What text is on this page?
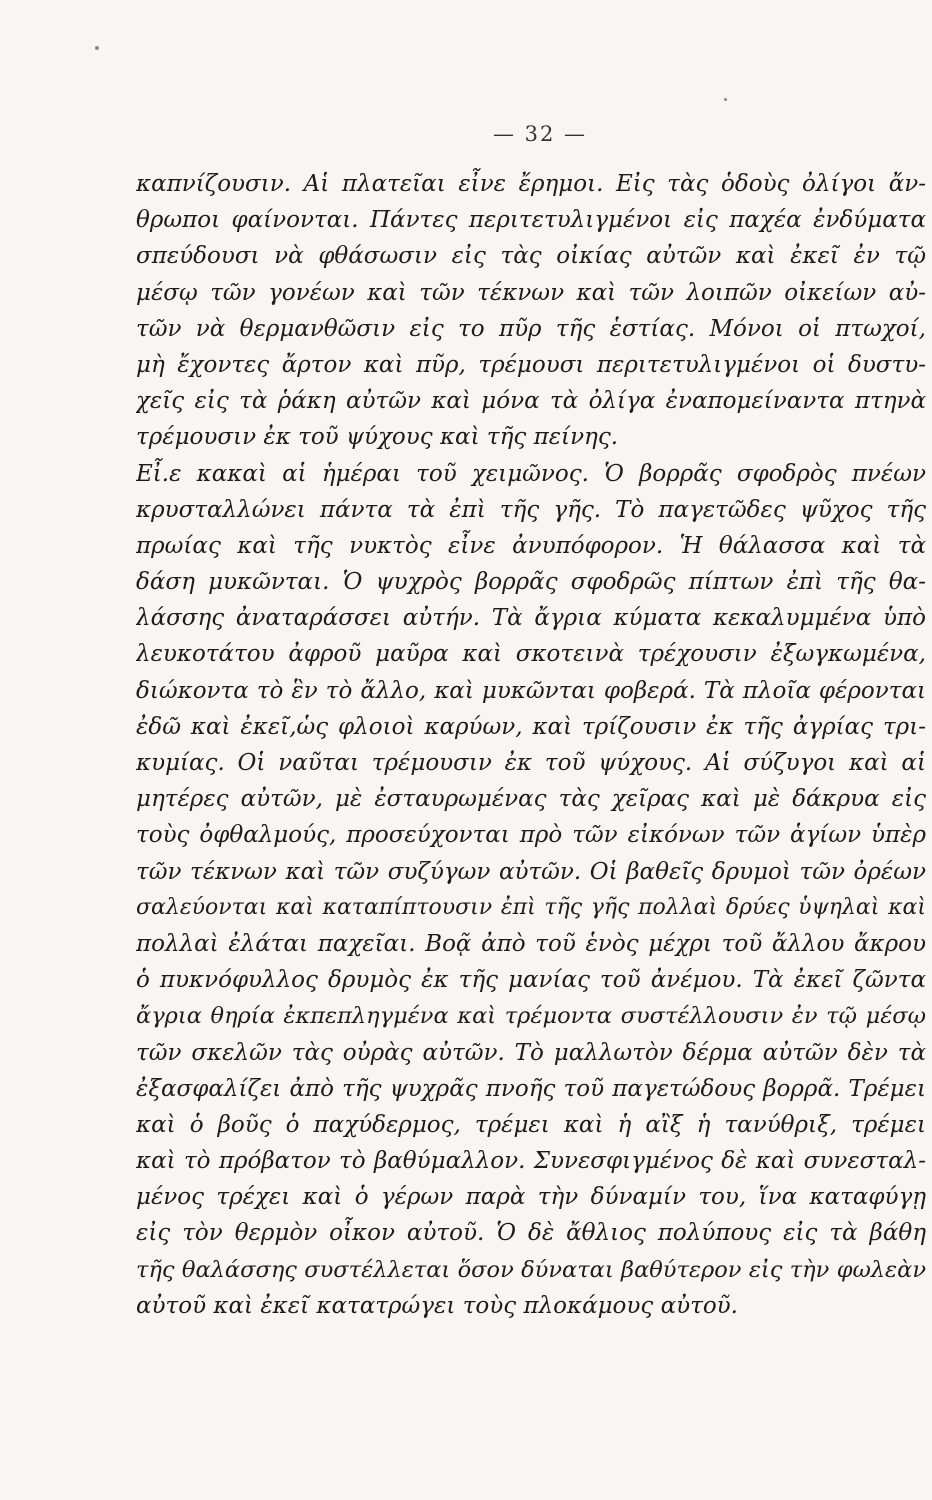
— 32 —
καπνίζουσιν. Αἱ πλατεῖαι εἶνε ἔρημοι. Εἰς τὰς ὁδοὺς ὀλίγοι ἄν-
θρωποι φαίνονται. Πάντες περιτετυλιγμένοι εἰς παχέα ἐνδύματα
σπεύδουσι νὰ φθάσωσιν εἰς τὰς οἰκίας αὐτῶν καὶ ἐκεῖ ἐν τῷ
μέσῳ τῶν γονέων καὶ τῶν τέκνων καὶ τῶν λοιπῶν οἰκείων αὐ-
τῶν νὰ θερμανθῶσιν εἰς το πῦρ τῆς ἑστίας. Μόνοι οἱ πτωχοί,
μὴ ἔχοντες ἄρτον καὶ πῦρ, τρέμουσι περιτετυλιγμένοι οἱ δυστυ-
χεῖς εἰς τὰ ῥάκη αὐτῶν καὶ μόνα τὰ ὀλίγα ἐναπομείναντα πτηνὰ
τρέμουσιν ἐκ τοῦ ψύχους καὶ τῆς πείνης.
Εἶ.ε κακαὶ αἱ ἡμέραι τοῦ χειμῶνος. Ὁ βορρᾶς σφοδρὸς πνέων
κρυσταλλώνει πάντα τὰ ἐπὶ τῆς γῆς. Τὸ παγετῶδες ψῦχος τῆς
πρωίας καὶ τῆς νυκτὸς εἶνε ἀνυπόφορον. Ἡ θάλασσα καὶ τὰ
δάση μυκῶνται. Ὁ ψυχρὸς βορρᾶς σφοδρῶς πίπτων ἐπὶ τῆς θα-
λάσσης ἀναταράσσει αὐτήν. Τὰ ἄγρια κύματα κεκαλυμμένα ὑπὸ
λευκοτάτου ἀφροῦ μαῦρα καὶ σκοτεινὰ τρέχουσιν ἐξωγκωμένα,
διώκοντα τὸ ἓν τὸ ἄλλο, καὶ μυκῶνται φοβερά. Τὰ πλοῖα φέρονται
ἐδῶ καὶ ἐκεῖ,ὡς φλοιοὶ καρύων, καὶ τρίζουσιν ἐκ τῆς ἀγρίας τρι-
κυμίας. Οἱ ναῦται τρέμουσιν ἐκ τοῦ ψύχους. Αἱ σύζυγοι καὶ αἱ
μητέρες αὐτῶν, μὲ ἐσταυρωμένας τὰς χεῖρας καὶ μὲ δάκρυα εἰς
τοὺς ὀφθαλμούς, προσεύχονται πρὸ τῶν εἰκόνων τῶν ἁγίων ὑπὲρ
τῶν τέκνων καὶ τῶν συζύγων αὐτῶν. Οἱ βαθεῖς δρυμοὶ τῶν ὀρέων
σαλεύονται καὶ καταπίπτουσιν ἐπὶ τῆς γῆς πολλαὶ δρύες ὑψηλαὶ καὶ
πολλαὶ ἐλάται παχεῖαι. Βοᾷ ἀπὸ τοῦ ἑνὸς μέχρι τοῦ ἄλλου ἄκρου
ὁ πυκνόφυλλος δρυμὸς ἐκ τῆς μανίας τοῦ ἀνέμου. Τὰ ἐκεῖ ζῶντα
ἄγρια θηρία ἐκπεπληγμένα καὶ τρέμοντα συστέλλουσιν ἐν τῷ μέσῳ
τῶν σκελῶν τὰς οὐρὰς αὐτῶν. Τὸ μαλλωτὸν δέρμα αὐτῶν δὲν τὰ
ἐξασφαλίζει ἀπὸ τῆς ψυχρᾶς πνοῆς τοῦ παγετώδους βορρᾶ. Τρέμει
καὶ ὁ βοῦς ὁ παχύδερμος, τρέμει καὶ ἡ αἲξ ἡ τανύθριξ, τρέμει
καὶ τὸ πρόβατον τὸ βαθύμαλλον. Συνεσφιγμένος δὲ καὶ συνεσταλ-
μένος τρέχει καὶ ὁ γέρων παρὰ τὴν δύναμίν του, ἵνα καταφύγῃ
εἰς τὸν θερμὸν οἶκον αὐτοῦ. Ὁ δὲ ἄθλιος πολύπους εἰς τὰ βάθη
τῆς θαλάσσης συστέλλεται ὅσον δύναται βαθύτερον εἰς τὴν φωλεὰν
αὐτοῦ καὶ ἐκεῖ κατατρώγει τοὺς πλοκάμους αὐτοῦ.
